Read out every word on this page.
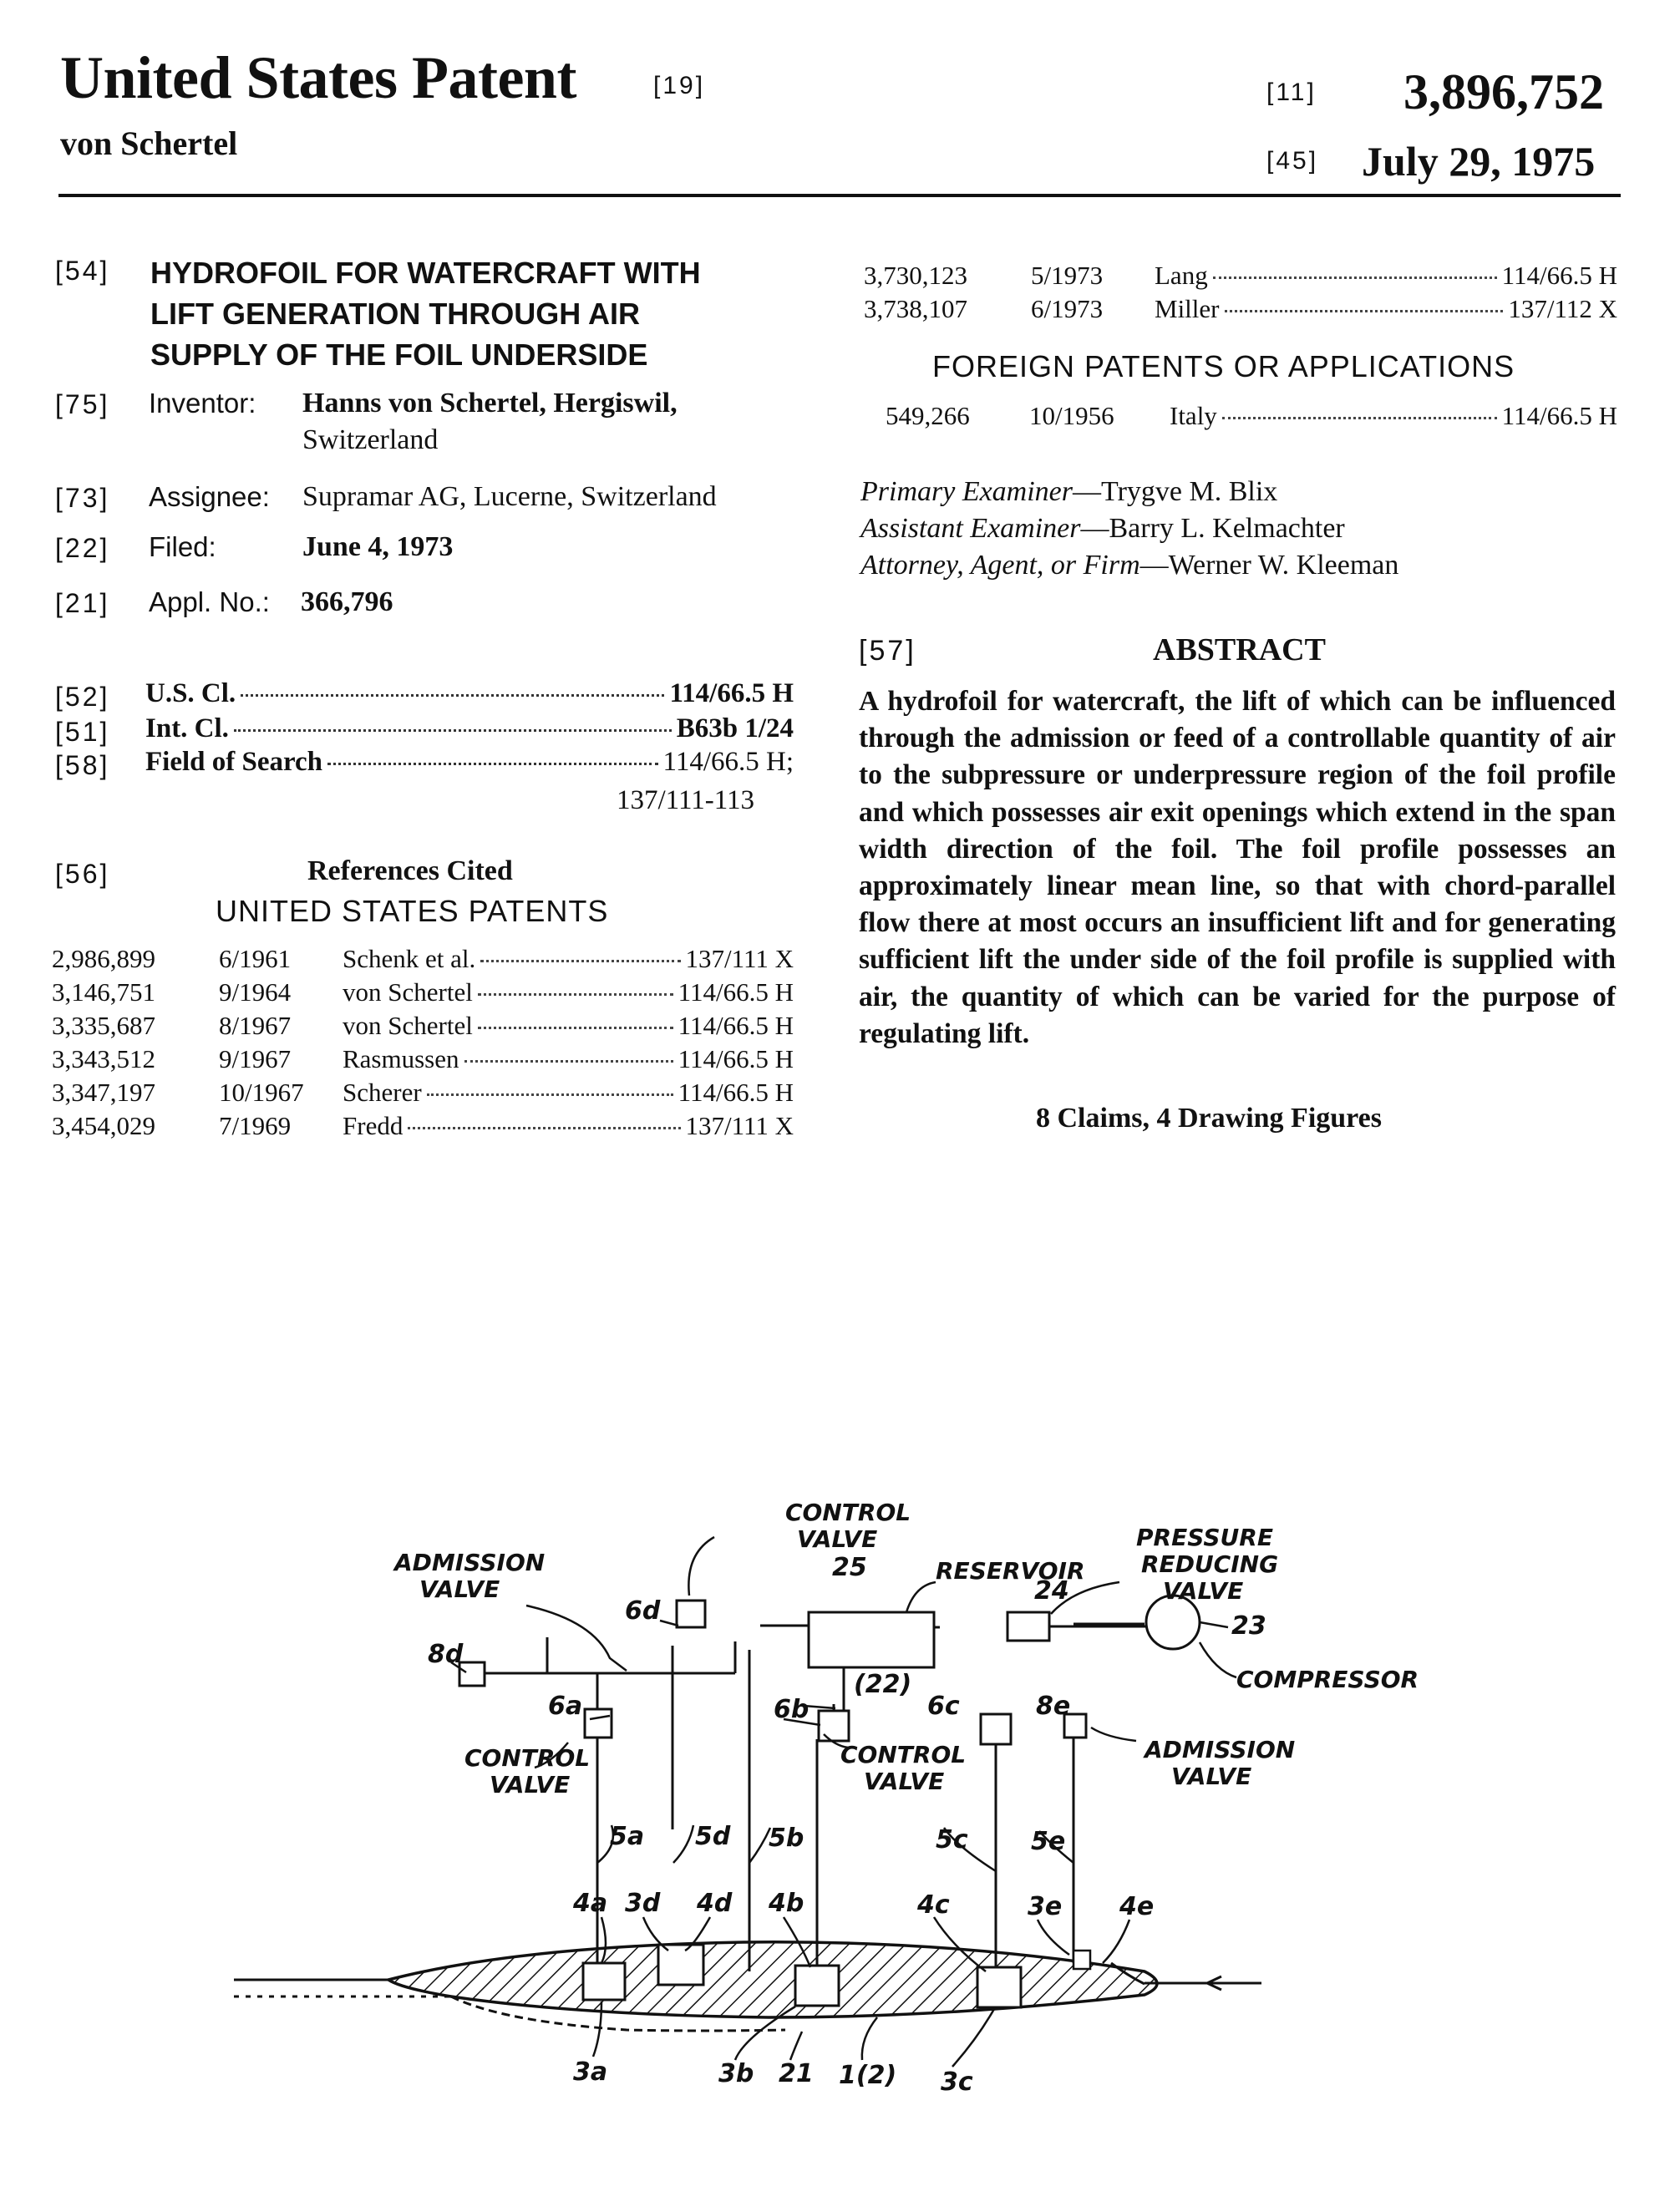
United States Patent	[19]
von Schertel
[11] 3,896,752
[45] July 29, 1975
[54] HYDROFOIL FOR WATERCRAFT WITH
LIFT GENERATION THROUGH AIR
SUPPLY OF THE FOIL UNDERSIDE
[75] Inventor: Hanns von Schertel, Hergiswil,
Switzerland
[73] Assignee: Supramar AG, Lucerne, Switzerland
[22] Filed:	June 4, 1973
[21] Appl. No.: 366,796
[52] U.S. Cl.	114/66.5 H
[51] Int. Cl.	B63b 1/24
[58] Field of Search	114/66.5 H;
137/111-113
[56]	References Cited
UNITED STATES PATENTS
2,986,899	6/1961	Schenk et al.	137/111 X
3,146,751	9/1964	von Schertel	114/66.5 H
3,335,687	8/1967	von Schertel	114/66.5 H
3,343,512	9/1967	Rasmussen	114/66.5 H
3,347,197	10/1967	Scherer	114/66.5 H
3,454,029	7/1969	Fredd	137/111 X
3,730,123	5/1973	Lang	114/66.5 H
3,738,107	6/1973	Miller	137/112 X
FOREIGN PATENTS OR APPLICATIONS
549,266	10/1956	Italy	114/66.5 H
Primary Examiner—Trygve M. Blix
Assistant Examiner—Barry L. Kelmachter
Attorney, Agent, or Firm—Werner W. Kleeman
[57]	ABSTRACT
A hydrofoil for watercraft, the lift of which can be influenced through the admission or feed of a controllable quantity of air to the subpressure or underpressure region of the foil profile and which possesses air exit openings which extend in the span width direction of the foil. The foil profile possesses an approximately linear mean line, so that with chord-parallel flow there at most occurs an insufficient lift and for generating sufficient lift the under side of the foil profile is supplied with air, the quantity of which can be varied for the purpose of regulating lift.
8 Claims, 4 Drawing Figures
ADMISSION
VALVE
CONTROL
VALVE
RESERVOIR
PRESSURE
REDUCING
VALVE
COMPRESSOR
CONTROL
VALVE
CONTROL
VALVE
ADMISSION
VALVE
25
24
23
(22)
6d
8d
6a	6b	6c	8e
5a 5d 5b	5c	5e
4a 3d 4d 4b	4c	3e 4e
3a	3b 21 1(2) 3c
